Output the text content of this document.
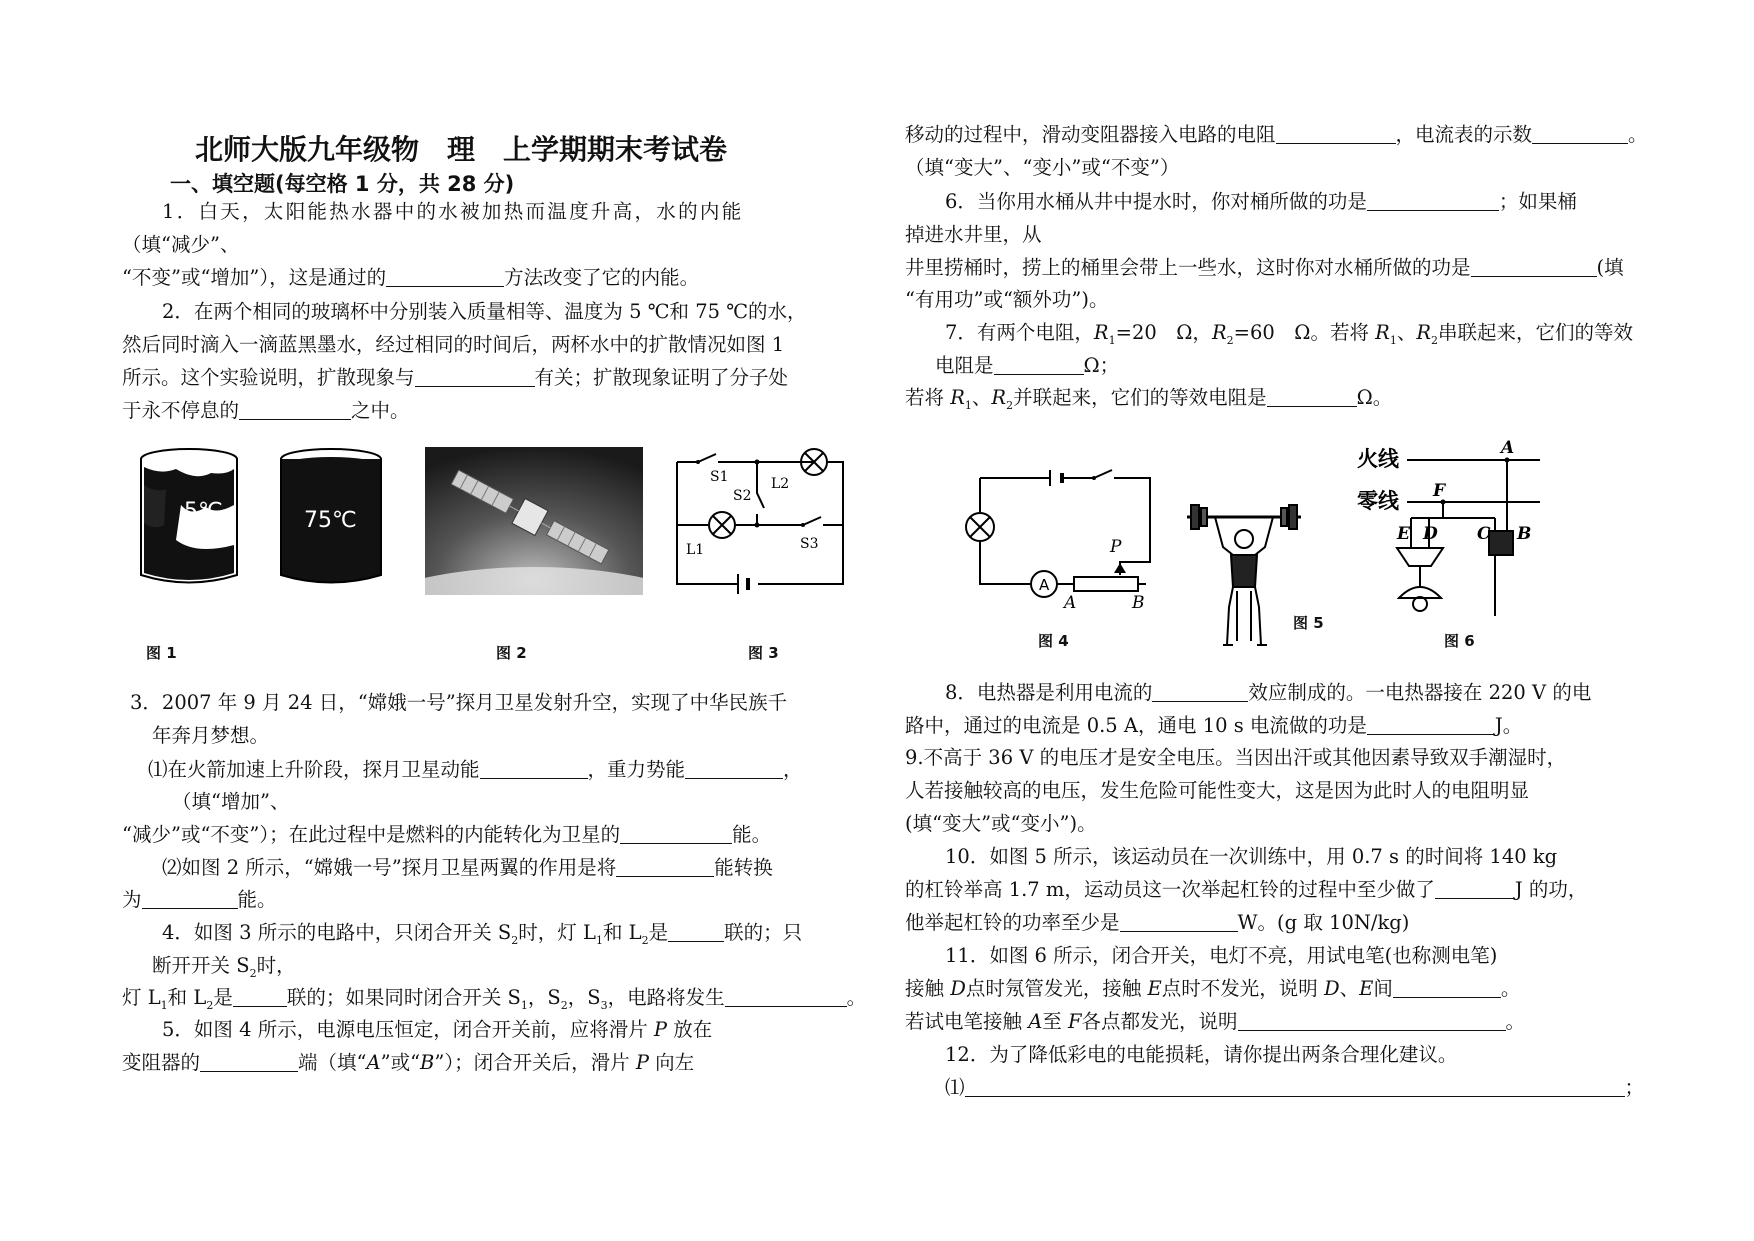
北师大版九年级物　理　上学期期末考试卷
一、填空题(每空格 1 分，共 28 分)
1．白天，太阳能热水器中的水被加热而温度升高，水的内能
（填“减少”、
“不变”或“增加”），这是通过的	方法改变了它的内能。
2．在两个相同的玻璃杯中分别装入质量相等、温度为 5 ℃和 75 ℃的水，
然后同时滴入一滴蓝黑墨水，经过相同的时间后，两杯水中的扩散情况如图 1
所示。这个实验说明，扩散现象与	有关；扩散现象证明了分子处
于永不停息的	之中。
5℃	75℃
图 1	图 2
S1
S2
L2
L1	S3
图 3
3．2007 年 9 月 24 日，“嫦娥一号”探月卫星发射升空，实现了中华民族千
年奔月梦想。
⑴在火箭加速上升阶段，探月卫星动能	，重力势能	，
（填“增加”、
“减少”或“不变”）；在此过程中是燃料的内能转化为卫星的	能。
⑵如图 2 所示，“嫦娥一号”探月卫星两翼的作用是将	能转换
为	能。
4．如图 3 所示的电路中，只闭合开关 $S_2$时，灯 $L_1$和 $L_2$是	联的；只
断开开关 $S_2$时，
灯 $L_1$和 $L_2$是	联的；如果同时闭合开关 $S_1$，$S_2$，$S_3$，电路将发生	。
5．如图 4 所示，电源电压恒定，闭合开关前，应将滑片 P 放在
变阻器的	端（填“A”或“B”）；闭合开关后，滑片 P 向左
移动的过程中，滑动变阻器接入电路的电阻	，电流表的示数	。
（填“变大”、“变小”或“不变”）
6．当你用水桶从井中提水时，你对桶所做的功是	；如果桶
掉进水井里，从
井里捞桶时，捞上的桶里会带上一些水，这时你对水桶所做的功是	(填
“有用功”或“额外功”)。
7．有两个电阻，$R_1=20$　Ω，$R_2=60$　Ω。若将 $R_1$、$R_2$串联起来，它们的等效
电阻是	Ω；
若将 $R_1$、$R_2$并联起来，它们的等效电阻是	Ω。
A
P
A	B
图 4
图 5
火线
零线
A
F
E D C B
图 6
8．电热器是利用电流的	效应制成的。一电热器接在 220 V 的电
路中，通过的电流是 0.5 A，通电 10 s 电流做的功是	J。
9.不高于 36 V 的电压才是安全电压。当因出汗或其他因素导致双手潮湿时，
人若接触较高的电压，发生危险可能性变大，这是因为此时人的电阻明显
(填“变大”或“变小”)。
10．如图 5 所示，该运动员在一次训练中，用 0.7 s 的时间将 140 kg
的杠铃举高 1.7 m，运动员这一次举起杠铃的过程中至少做了	J 的功，
他举起杠铃的功率至少是	W。(g 取 10N/kg)
11．如图 6 所示，闭合开关，电灯不亮，用试电笔(也称测电笔)
接触 D点时氖管发光，接触 E点时不发光，说明 D、E间	。
若试电笔接触 A至 F各点都发光，说明	。
12．为了降低彩电的电能损耗，请你提出两条合理化建议。
⑴	；
